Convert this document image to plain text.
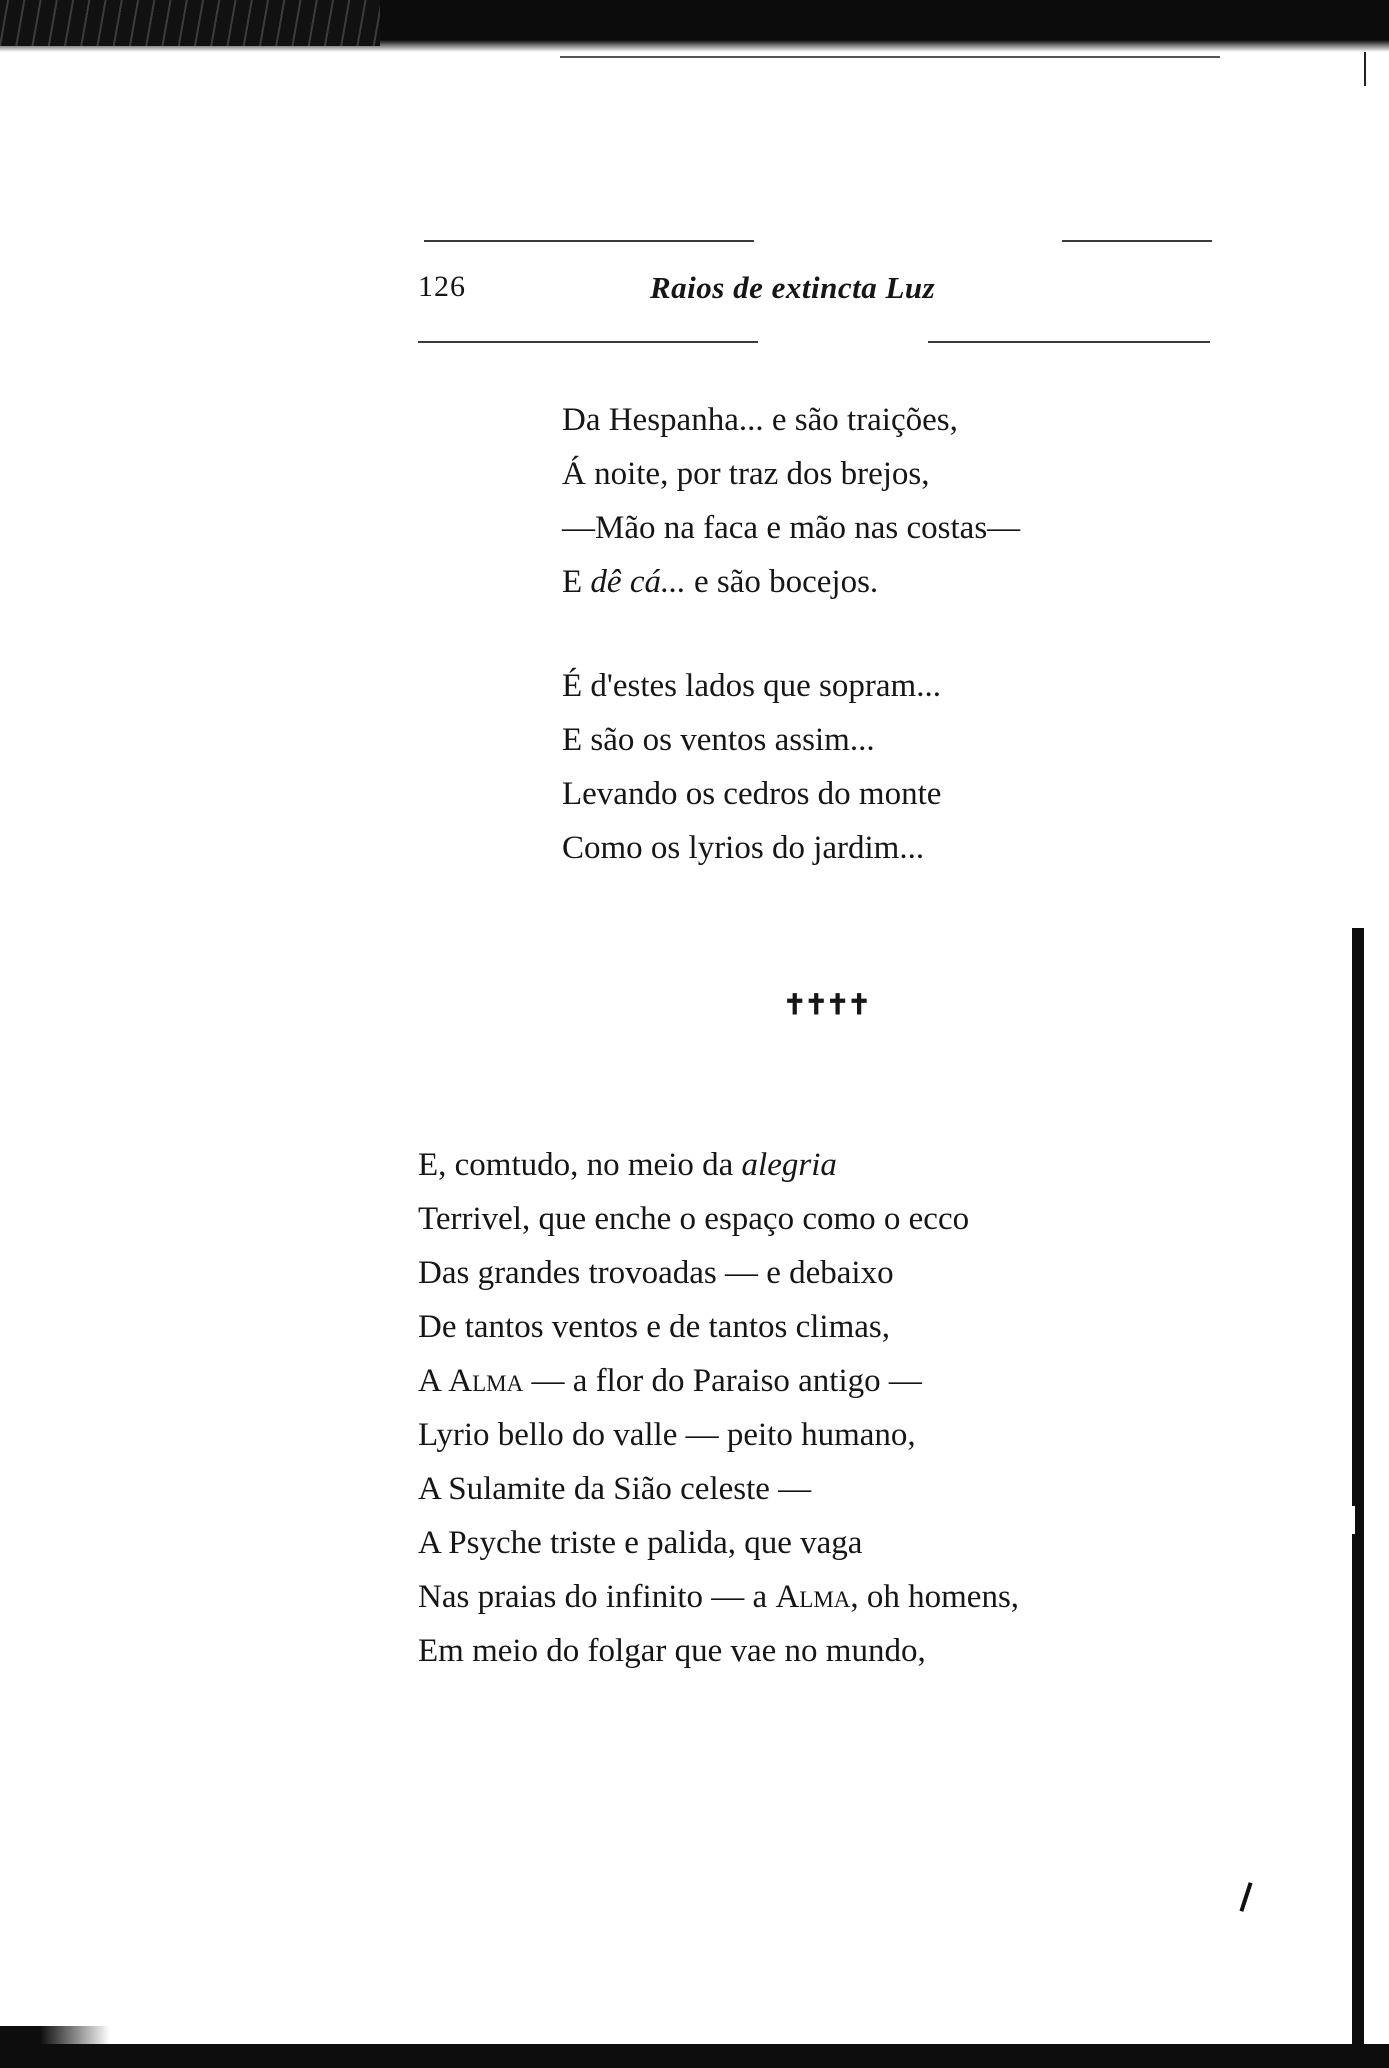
126	Raios de extincta Luz
Da Hespanha... e são traições,
Á noite, por traz dos brejos,
—Mão na faca e mão nas costas—
E dê cá... e são bocejos.
É d'estes lados que sopram...
E são os ventos assim...
Levando os cedros do monte
Como os lyrios do jardim...
✝✝✝✝
E, comtudo, no meio da alegria
Terrivel, que enche o espaço como o ecco
Das grandes trovoadas — e debaixo
De tantos ventos e de tantos climas,
A Alma — a flor do Paraiso antigo —
Lyrio bello do valle — peito humano,
A Sulamite da Sião celeste —
A Psyche triste e palida, que vaga
Nas praias do infinito — a Alma, oh homens,
Em meio do folgar que vae no mundo,
